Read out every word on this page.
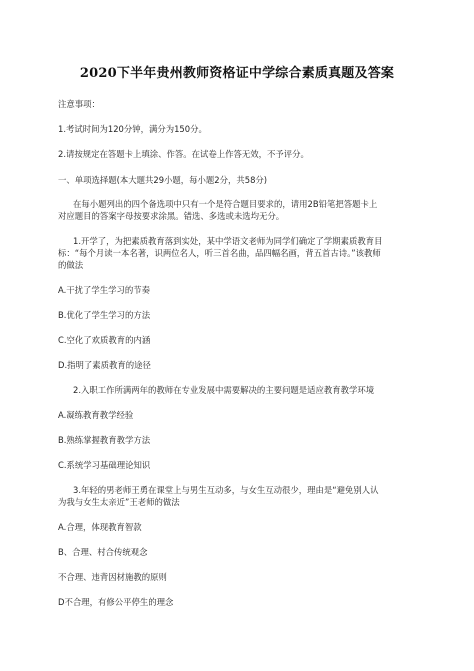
2020下半年贵州教师资格证中学综合素质真题及答案
注意事项：
1.考试时间为120分钟，满分为150分。
2.请按规定在答题卡上填涂、作答。在试卷上作答无效，不予评分。
一、单项选择题(本大题共29小题，每小题2分，共58分)
在每小题列出的四个备选项中只有一个是符合题目要求的，请用2B铅笔把答题卡上
对应题目的答案字母按要求涂黑。错选、多选或未选均无分。
1.开学了，为把素质教育落到实处，某中学语文老师为同学们确定了学期素质教育目
标：“每个月读一本名著，识两位名人，听三首名曲，品四幅名画，背五首古诗。”该教师
的做法
A.干扰了学生学习的节奏
B.优化了学生学习的方法
C.空化了欢质教育的内涵
D.指明了素质教育的途径
2.入职工作所满两年的教师在专业发展中需要解决的主要问题是适应教育教学环境
A.凝练教育教学经验
B.熟练掌握教育教学方法
C.系统学习基础理论知识
3.年轻的男老师王勇在课堂上与男生互动多，与女生互动很少，理由是“避免别人认
为我与女生太亲近”王老师的做法
A.合理，体现教育智款
B、合理、村合传统观念
不合理、违背因材施教的原则
D不合理，有修公平停生的理念
